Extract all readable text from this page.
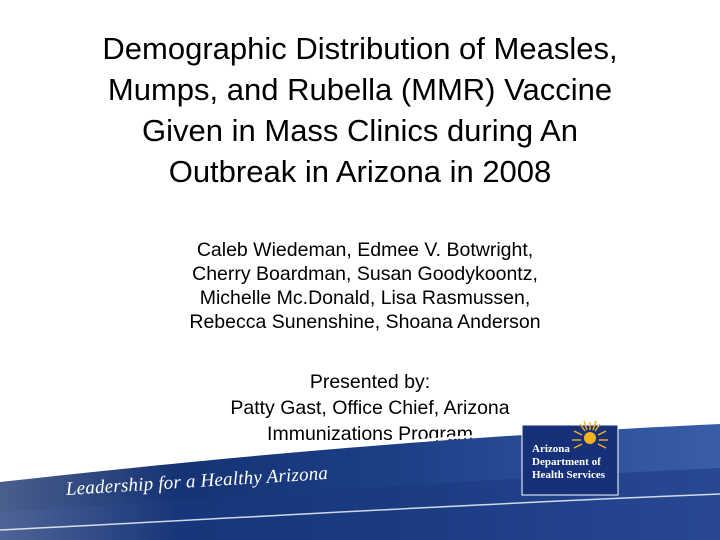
Demographic Distribution of Measles,
Mumps, and Rubella (MMR) Vaccine
Given in Mass Clinics during An
Outbreak in Arizona in 2008
Caleb Wiedeman, Edmee V. Botwright,
Cherry Boardman, Susan Goodykoontz,
Michelle Mc.Donald, Lisa Rasmussen,
Rebecca Sunenshine, Shoana Anderson
Presented by:
Patty Gast, Office Chief, Arizona
Immunizations Program
Leadership for a Healthy Arizona
Arizona
Department of
Health Services
